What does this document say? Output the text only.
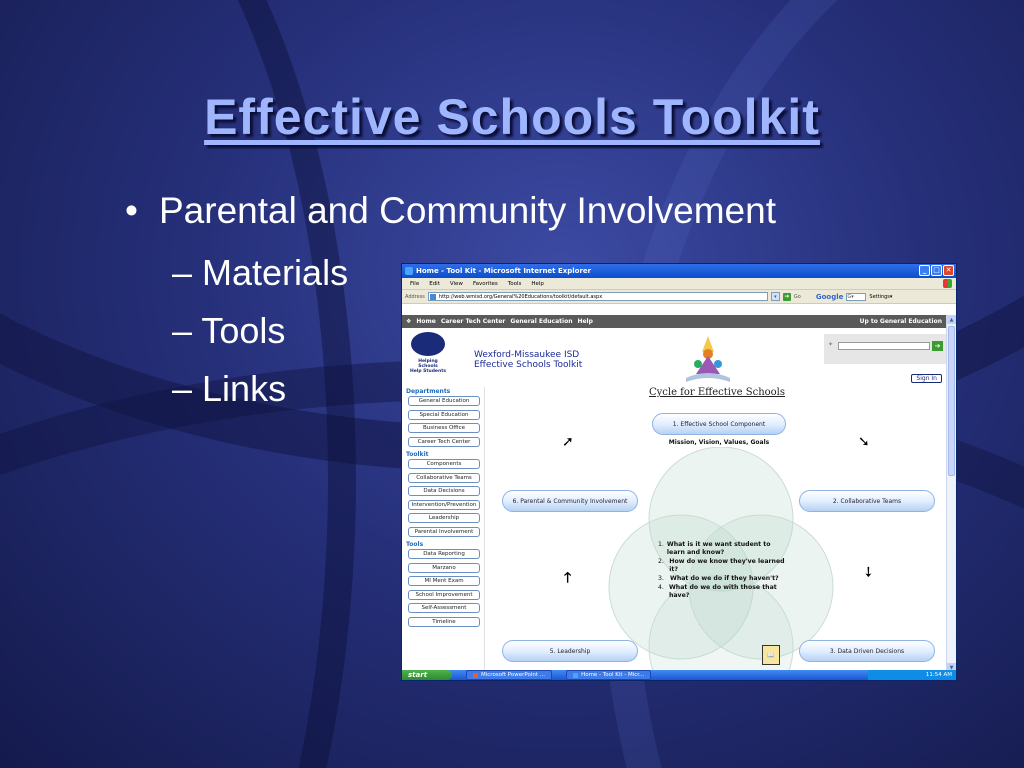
Effective Schools Toolkit
• Parental and Community Involvement
– Materials
– Tools
– Links
Home - Tool Kit - Microsoft Internet Explorer	_ □ ✕
File Edit View Favorites Tools Help
Address	http://web.wmisd.org/General%20Educations/toolkit/default.aspx	▾	➔ Go Google G▾	Settings▾
❖ Home Career Tech Center General Education Help	Up to General Education
Helping Schools
Help Students
Wexford-Missaukee ISD
Effective Schools Toolkit
✦	➔
Sign In
Departments
General Education
Special Education
Business Office
Career Tech Center
Toolkit
Components
Collaborative Teams
Data Decisions
Intervention/Prevention
Leadership
Parental Involvement
Tools
Data Reporting
Marzano
MI Ment Exam
School Improvement
Self-Assessment
Timeline
Cycle for Effective Schools
1. Effective School Component
Mission, Vision, Values, Goals
2. Collaborative Teams
3. Data Driven Decisions
5. Leadership
6. Parental & Community Involvement
➚	➘
➙
🡑
1. What is it we want student to learn and know?
2. How do we know they've learned it?
3. What do we do if they haven't?
4. What do we do with those that have?
📖
▲
▼
start	Microsoft PowerPoint ...	Home - Tool Kit - Micr...	11:54 AM
